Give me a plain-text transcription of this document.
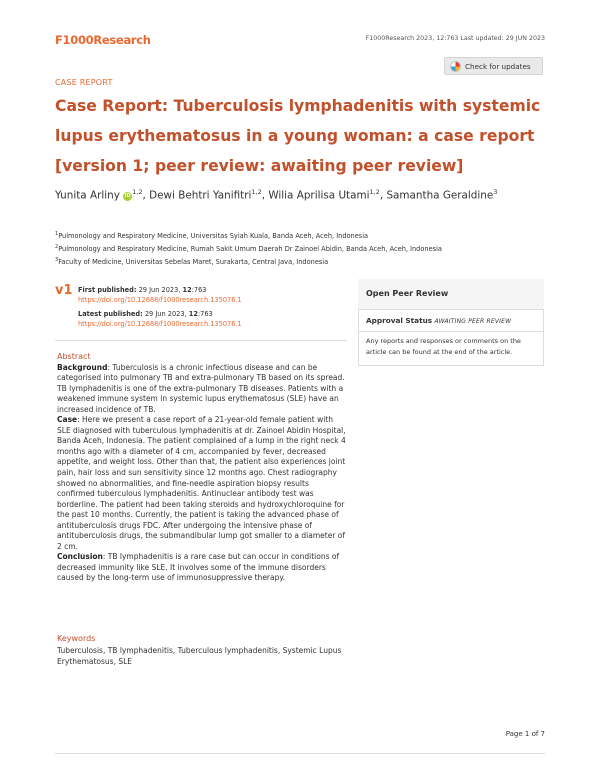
F1000Research	F1000Research 2023, 12:763 Last updated: 29 JUN 2023
Check for updates
CASE REPORT
Case Report: Tuberculosis lymphadenitis with systemic lupus erythematosus in a young woman: a case report [version 1; peer review: awaiting peer review]
Yunita Arliny iD$^{1,2}$, Dewi Behtri Yanifitri$^{1,2}$, Wilia Aprilisa Utami$^{1,2}$, Samantha Geraldine$^3$
$^1$Pulmonology and Respiratory Medicine, Universitas Syiah Kuala, Banda Aceh, Aceh, Indonesia
$^2$Pulmonology and Respiratory Medicine, Rumah Sakit Umum Daerah Dr Zainoel Abidin, Banda Aceh, Aceh, Indonesia
$^3$Faculty of Medicine, Universitas Sebelas Maret, Surakarta, Central Java, Indonesia
v1 First published: 29 Jun 2023, 12:763
https://doi.org/10.12688/f1000research.135076.1
Latest published: 29 Jun 2023, 12:763
https://doi.org/10.12688/f1000research.135076.1
Open Peer Review
Approval Status AWAITING PEER REVIEW
Any reports and responses or comments on the article can be found at the end of the article.
Abstract

Background: Tuberculosis is a chronic infectious disease and can be categorised into pulmonary TB and extra-pulmonary TB based on its spread. TB lymphadenitis is one of the extra-pulmonary TB diseases. Patients with a weakened immune system in systemic lupus erythematosus (SLE) have an increased incidence of TB.

Case: Here we present a case report of a 21-year-old female patient with SLE diagnosed with tuberculous lymphadenitis at dr. Zainoel Abidin Hospital, Banda Aceh, Indonesia. The patient complained of a lump in the right neck 4 months ago with a diameter of 4 cm, accompanied by fever, decreased appetite, and weight loss. Other than that, the patient also experiences joint pain, hair loss and sun sensitivity since 12 months ago. Chest radiography showed no abnormalities, and fine-needle aspiration biopsy results confirmed tuberculous lymphadenitis. Antinuclear antibody test was borderline. The patient had been taking steroids and hydroxychloroquine for the past 10 months. Currently, the patient is taking the advanced phase of antituberculosis drugs FDC. After undergoing the intensive phase of antituberculosis drugs, the submandibular lump got smaller to a diameter of 2 cm.

Conclusion: TB lymphadenitis is a rare case but can occur in conditions of decreased immunity like SLE. It involves some of the immune disorders caused by the long-term use of immunosuppressive therapy.

Keywords
Tuberculosis, TB lymphadenitis, Tuberculous lymphadenitis, Systemic Lupus Erythematosus, SLE
Page 1 of 7
